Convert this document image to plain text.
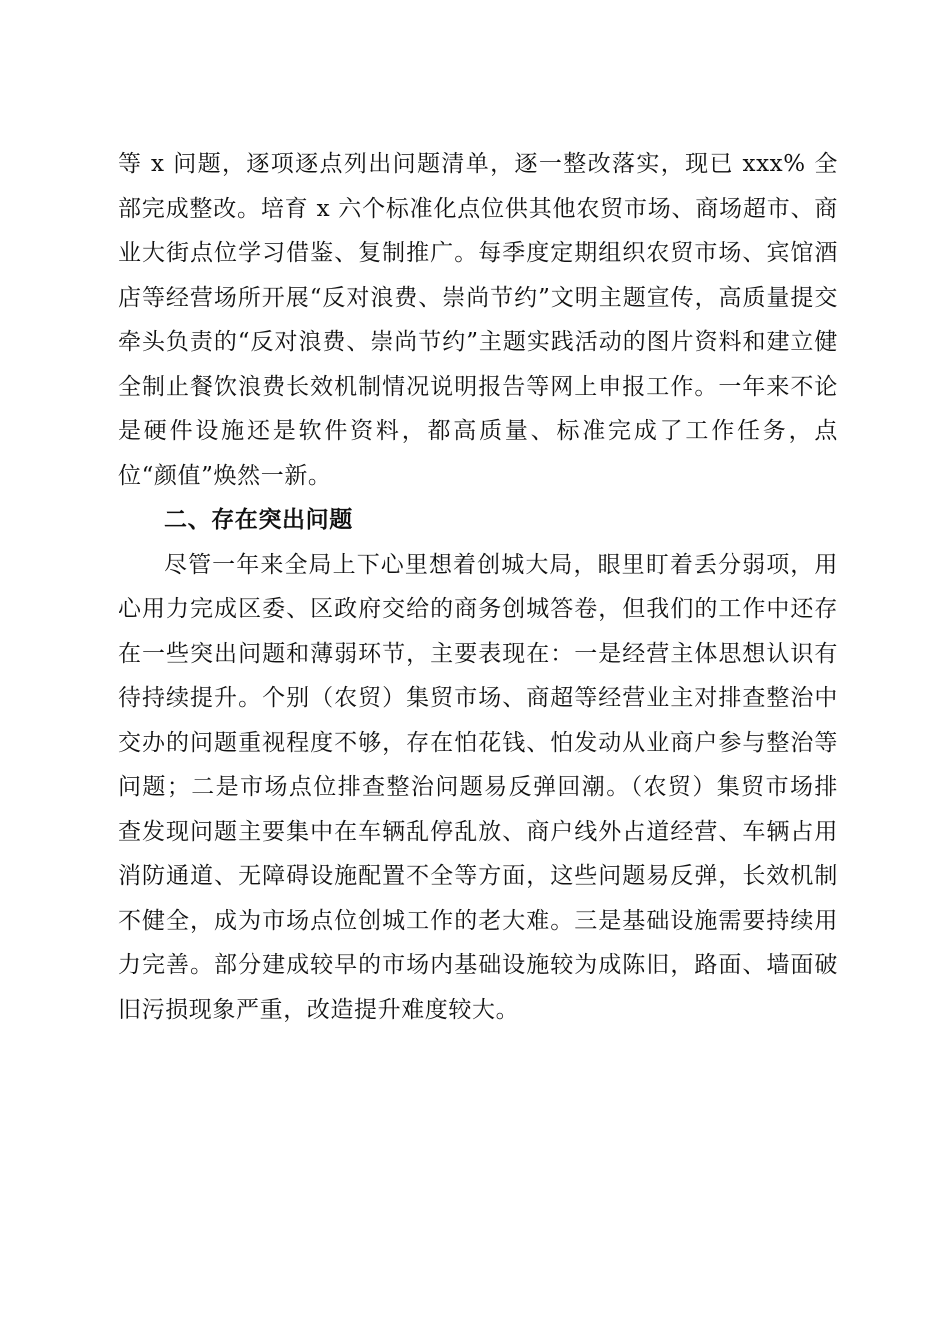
等 x 问题，逐项逐点列出问题清单，逐一整改落实，现已 xxx% 全部完成整改。培育 x 六个标准化点位供其他农贸市场、商场超市、商业大街点位学习借鉴、复制推广。每季度定期组织农贸市场、宾馆酒店等经营场所开展“反对浪费、崇尚节约”文明主题宣传，高质量提交牵头负责的“反对浪费、崇尚节约”主题实践活动的图片资料和建立健全制止餐饮浪费长效机制情况说明报告等网上申报工作。一年来不论是硬件设施还是软件资料，都高质量、标准完成了工作任务，点位“颜值”焕然一新。

二、存在突出问题

尽管一年来全局上下心里想着创城大局，眼里盯着丢分弱项，用心用力完成区委、区政府交给的商务创城答卷，但我们的工作中还存在一些突出问题和薄弱环节，主要表现在：一是经营主体思想认识有待持续提升。个别（农贸）集贸市场、商超等经营业主对排查整治中交办的问题重视程度不够，存在怕花钱、怕发动从业商户参与整治等问题；二是市场点位排查整治问题易反弹回潮。（农贸）集贸市场排查发现问题主要集中在车辆乱停乱放、商户线外占道经营、车辆占用消防通道、无障碍设施配置不全等方面，这些问题易反弹，长效机制不健全，成为市场点位创城工作的老大难。三是基础设施需要持续用力完善。部分建成较早的市场内基础设施较为成陈旧，路面、墙面破旧污损现象严重，改造提升难度较大。
